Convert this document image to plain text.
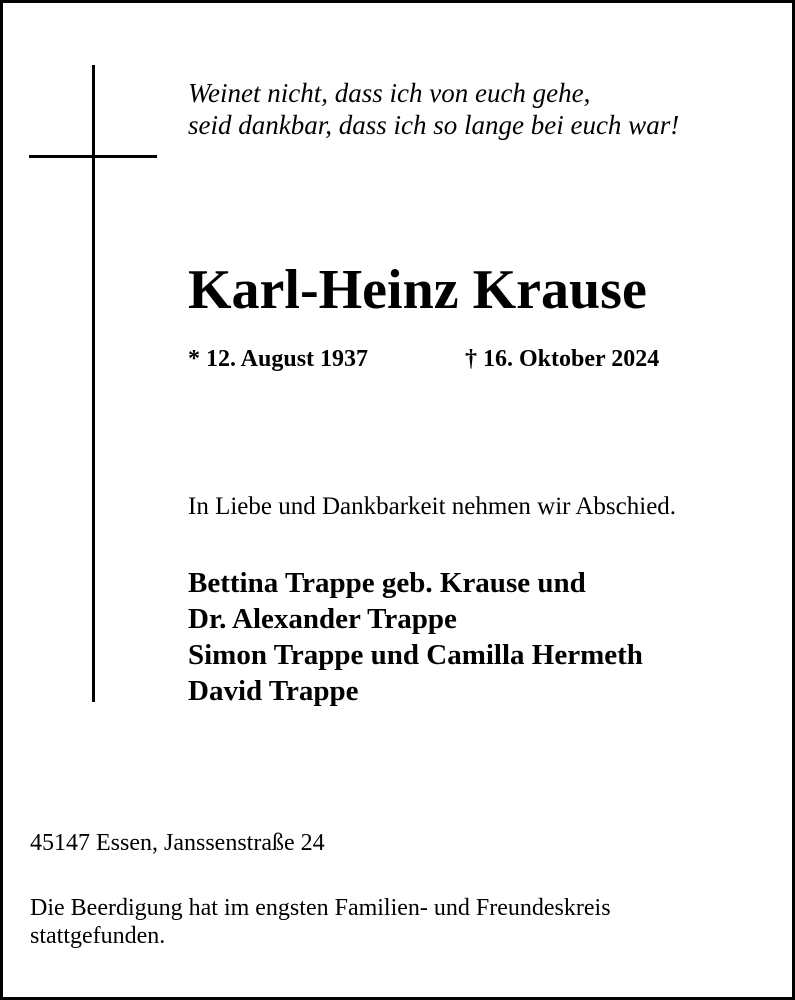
Weinet nicht, dass ich von euch gehe,
seid dankbar, dass ich so lange bei euch war!
Karl-Heinz Krause
* 12. August 1937	† 16. Oktober 2024
In Liebe und Dankbarkeit nehmen wir Abschied.
Bettina Trappe geb. Krause und
Dr. Alexander Trappe
Simon Trappe und Camilla Hermeth
David Trappe
45147 Essen, Janssenstraße 24
Die Beerdigung hat im engsten Familien- und Freundeskreis
stattgefunden.
